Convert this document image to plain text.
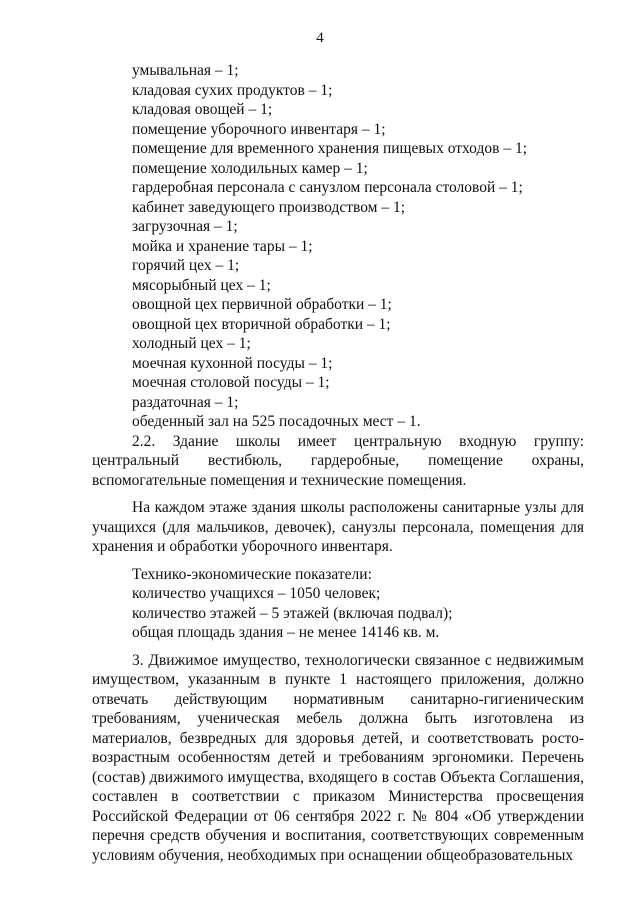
4
умывальная – 1;
кладовая сухих продуктов – 1;
кладовая овощей – 1;
помещение уборочного инвентаря – 1;
помещение для временного хранения пищевых отходов – 1;
помещение холодильных камер – 1;
гардеробная персонала с санузлом персонала столовой – 1;
кабинет заведующего производством – 1;
загрузочная – 1;
мойка и хранение тары – 1;
горячий цех – 1;
мясорыбный цех – 1;
овощной цех первичной обработки – 1;
овощной цех вторичной обработки – 1;
холодный цех – 1;
моечная кухонной посуды – 1;
моечная столовой посуды – 1;
раздаточная – 1;
обеденный зал на 525 посадочных мест – 1.

2.2. Здание школы имеет центральную входную группу: центральный вестибюль, гардеробные, помещение охраны, вспомогательные помещения и технические помещения.

На каждом этаже здания школы расположены санитарные узлы для учащихся (для мальчиков, девочек), санузлы персонала, помещения для хранения и обработки уборочного инвентаря.

Технико-экономические показатели:
количество учащихся – 1050 человек;
количество этажей – 5 этажей (включая подвал);
общая площадь здания – не менее 14146 кв. м.

3. Движимое имущество, технологически связанное с недвижимым имуществом, указанным в пункте 1 настоящего приложения, должно отвечать действующим нормативным санитарно-гигиеническим требованиям, ученическая мебель должна быть изготовлена из материалов, безвредных для здоровья детей, и соответствовать росто-возрастным особенностям детей и требованиям эргономики. Перечень (состав) движимого имущества, входящего в состав Объекта Соглашения, составлен в соответствии с приказом Министерства просвещения Российской Федерации от 06 сентября 2022 г. № 804 «Об утверждении перечня средств обучения и воспитания, соответствующих современным условиям обучения, необходимых при оснащении общеобразовательных
